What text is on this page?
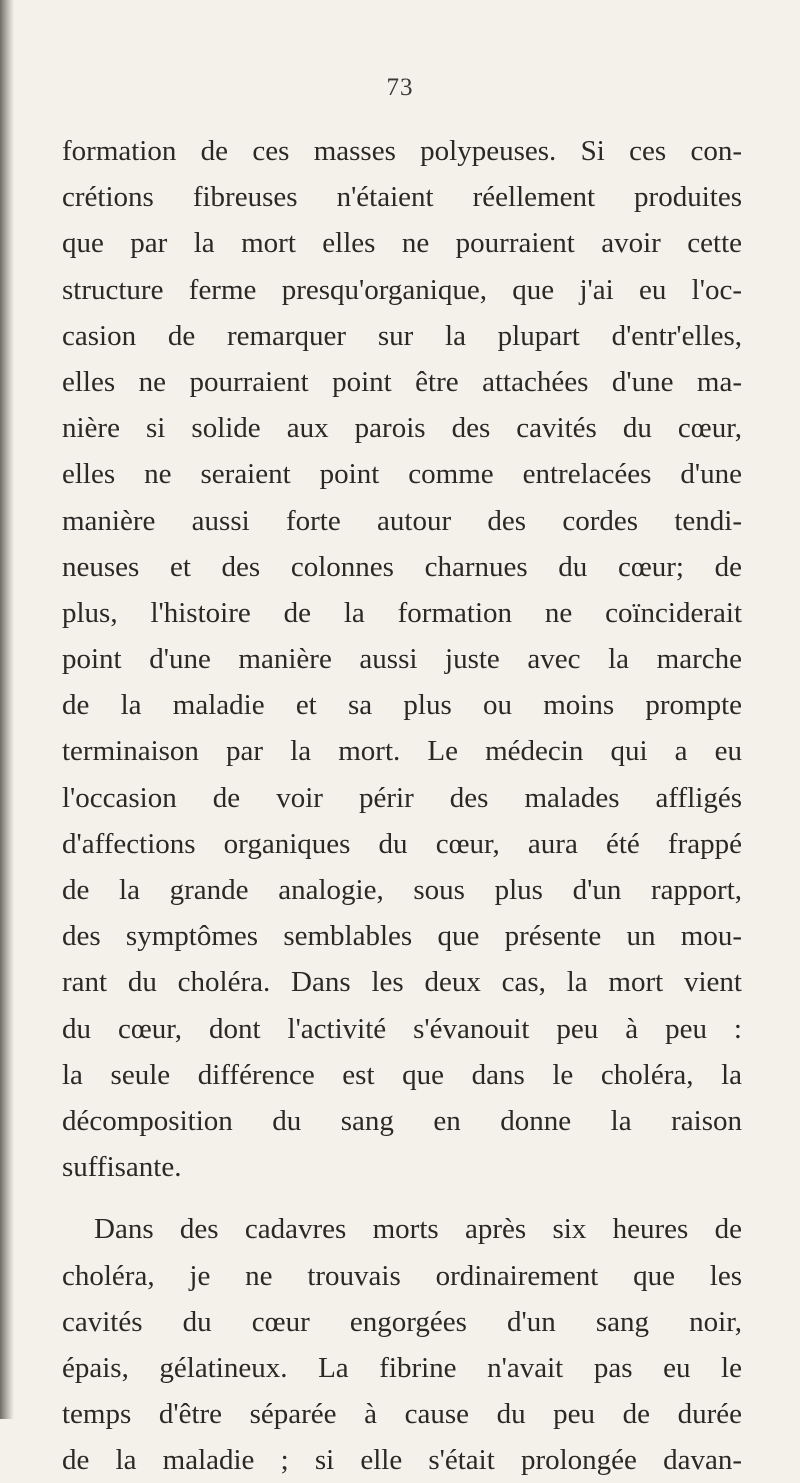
73
formation de ces masses polypeuses. Si ces con-
crétions fibreuses n'étaient réellement produites
que par la mort elles ne pourraient avoir cette
structure ferme presqu'organique, que j'ai eu l'oc-
casion de remarquer sur la plupart d'entr'elles,
elles ne pourraient point être attachées d'une ma-
nière si solide aux parois des cavités du cœur,
elles ne seraient point comme entrelacées d'une
manière aussi forte autour des cordes tendi-
neuses et des colonnes charnues du cœur; de
plus, l'histoire de la formation ne coïnciderait
point d'une manière aussi juste avec la marche
de la maladie et sa plus ou moins prompte
terminaison par la mort. Le médecin qui a eu
l'occasion de voir périr des malades affligés
d'affections organiques du cœur, aura été frappé
de la grande analogie, sous plus d'un rapport,
des symptômes semblables que présente un mou-
rant du choléra. Dans les deux cas, la mort vient
du cœur, dont l'activité s'évanouit peu à peu :
la seule différence est que dans le choléra, la
décomposition du sang en donne la raison
suffisante.
Dans des cadavres morts après six heures de
choléra, je ne trouvais ordinairement que les
cavités du cœur engorgées d'un sang noir,
épais, gélatineux. La fibrine n'avait pas eu le
temps d'être séparée à cause du peu de durée
de la maladie ; si elle s'était prolongée davan-
